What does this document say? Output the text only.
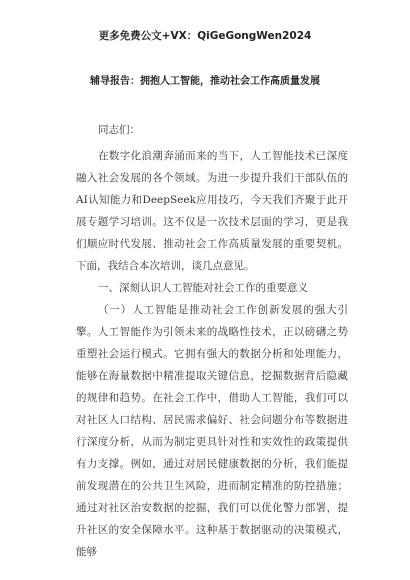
更多免费公文+VX：QiGeGongWen2024
辅导报告：拥抱人工智能，推动社会工作高质量发展
同志们：

在数字化浪潮奔涌而来的当下，人工智能技术已深度融入社会发展的各个领域。为进一步提升我们干部队伍的AI认知能力和DeepSeek应用技巧，今天我们齐聚于此开展专题学习培训。这不仅是一次技术层面的学习，更是我们顺应时代发展、推动社会工作高质量发展的重要契机。下面，我结合本次培训，谈几点意见。

一、深刻认识人工智能对社会工作的重要意义

（一）人工智能是推动社会工作创新发展的强大引擎。人工智能作为引领未来的战略性技术，正以磅礴之势重塑社会运行模式。它拥有强大的数据分析和处理能力，能够在海量数据中精准提取关键信息，挖掘数据背后隐藏的规律和趋势。在社会工作中，借助人工智能，我们可以对社区人口结构、居民需求偏好、社会问题分布等数据进行深度分析，从而为制定更具针对性和实效性的政策提供有力支撑。例如，通过对居民健康数据的分析，我们能提前发现潜在的公共卫生风险，进而制定精准的防控措施；通过对社区治安数据的挖掘，我们可以优化警力部署，提升社区的安全保障水平。这种基于数据驱动的决策模式，能够
